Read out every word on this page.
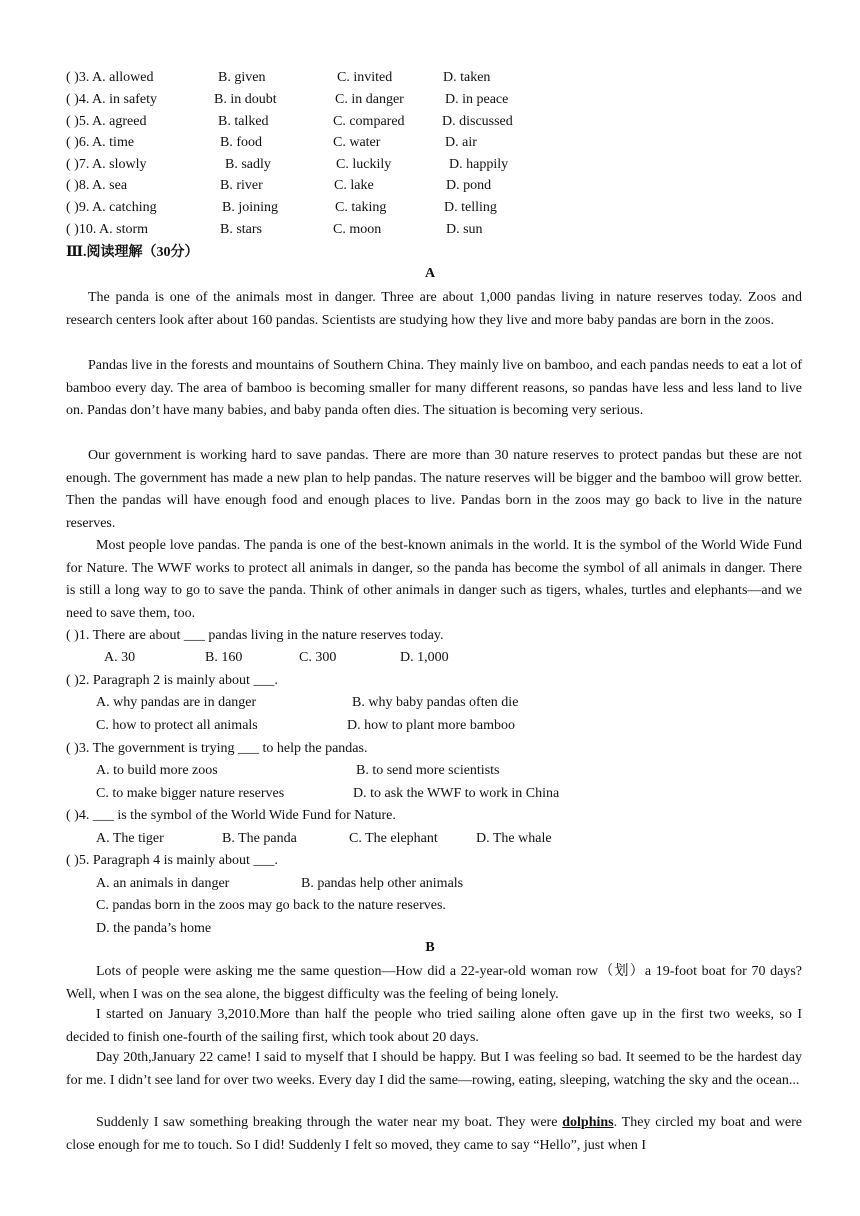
( )3. A. allowed	B. given	C. invited	D. taken
( )4. A. in safety	B. in doubt	C. in danger	D. in peace
( )5. A. agreed	B. talked	C. compared	D. discussed
( )6. A. time	B. food	C. water	D. air
( )7. A. slowly	B. sadly	C. luckily	D. happily
( )8. A. sea	B. river	C. lake	D. pond
( )9. A. catching	B. joining	C. taking	D. telling
( )10. A. storm	B. stars	C. moon	D. sun
Ⅲ.阅读理解（30分）
A
The panda is one of the animals most in danger. Three are about 1,000 pandas living in nature reserves today. Zoos and research centers look after about 160 pandas. Scientists are studying how they live and more baby pandas are born in the zoos.
Pandas live in the forests and mountains of Southern China. They mainly live on bamboo, and each pandas needs to eat a lot of bamboo every day. The area of bamboo is becoming smaller for many different reasons, so pandas have less and less land to live on. Pandas don’t have many babies, and baby panda often dies. The situation is becoming very serious.
Our government is working hard to save pandas. There are more than 30 nature reserves to protect pandas but these are not enough. The government has made a new plan to help pandas. The nature reserves will be bigger and the bamboo will grow better. Then the pandas will have enough food and enough places to live. Pandas born in the zoos may go back to live in the nature reserves.
Most people love pandas. The panda is one of the best-known animals in the world. It is the symbol of the World Wide Fund for Nature. The WWF works to protect all animals in danger, so the panda has become the symbol of all animals in danger. There is still a long way to go to save the panda. Think of other animals in danger such as tigers, whales, turtles and elephants—and we need to save them, too.
( )1. There are about ___ pandas living in the nature reserves today.
A. 30	B. 160	C. 300	D. 1,000
( )2. Paragraph 2 is mainly about ___.
A. why pandas are in danger	B. why baby pandas often die
C. how to protect all animals	D. how to plant more bamboo
( )3. The government is trying ___ to help the pandas.
A. to build more zoos	B. to send more scientists
C. to make bigger nature reserves	D. to ask the WWF to work in China
( )4. ___ is the symbol of the World Wide Fund for Nature.
A. The tiger	B. The panda	C. The elephant	D. The whale
( )5. Paragraph 4 is mainly about ___.
A. an animals in danger	B. pandas help other animals
C. pandas born in the zoos may go back to the nature reserves.
D. the panda’s home
B
Lots of people were asking me the same question—How did a 22-year-old woman row（划）a 19-foot boat for 70 days? Well, when I was on the sea alone, the biggest difficulty was the feeling of being lonely.
I started on January 3,2010.More than half the people who tried sailing alone often gave up in the first two weeks, so I decided to finish one-fourth of the sailing first, which took about 20 days.
Day 20th,January 22 came! I said to myself that I should be happy. But I was feeling so bad. It seemed to be the hardest day for me. I didn’t see land for over two weeks. Every day I did the same—rowing, eating, sleeping, watching the sky and the ocean...
Suddenly I saw something breaking through the water near my boat. They were dolphins. They circled my boat and were close enough for me to touch. So I did! Suddenly I felt so moved, they came to say “Hello”, just when I
